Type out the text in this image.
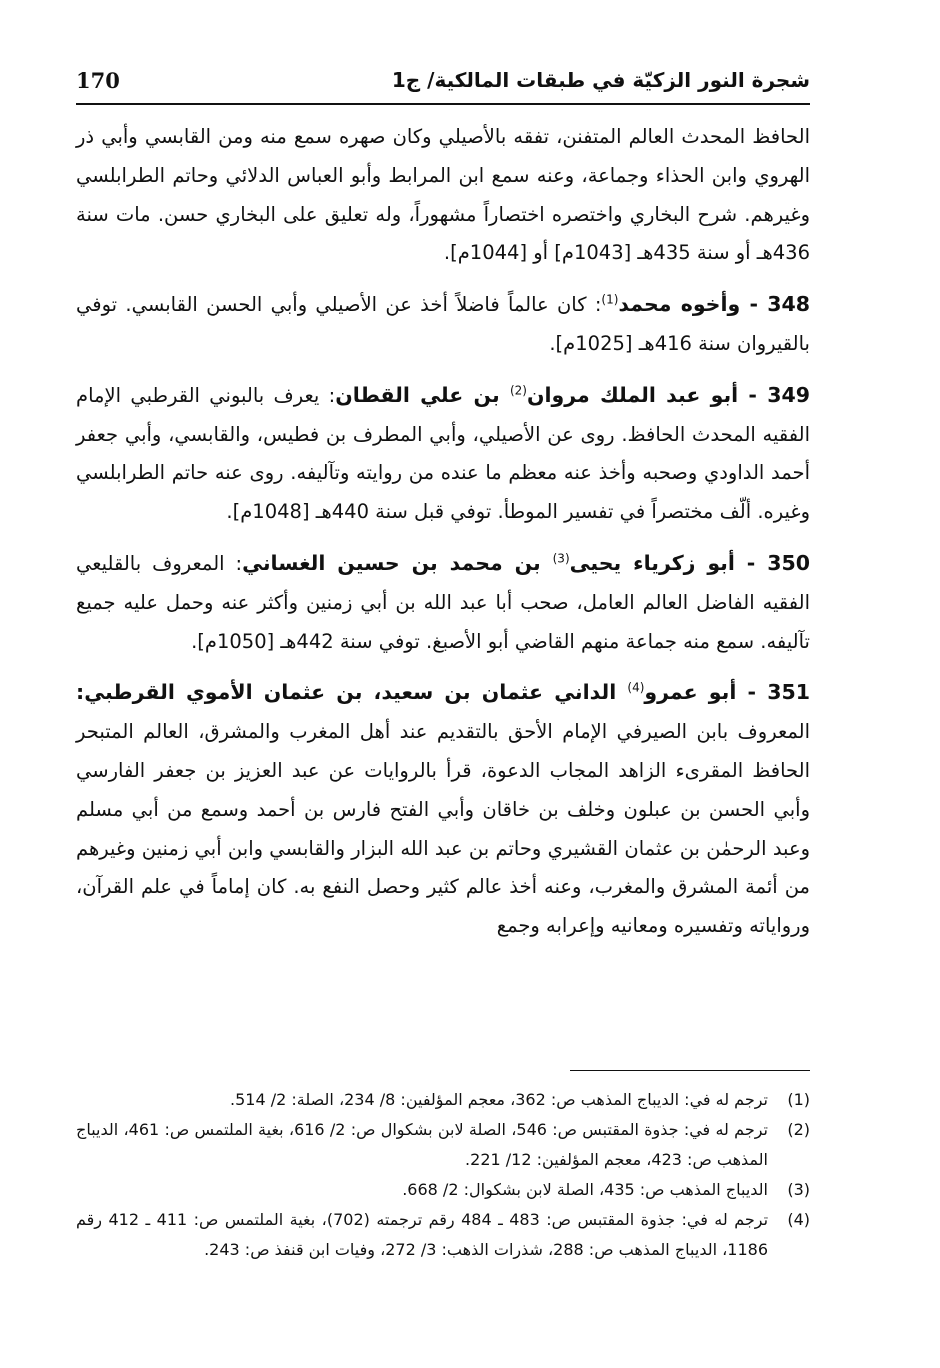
170	شجرة النور الزكيّة في طبقات المالكية/ ج1

الحافظ المحدث العالم المتفنن، تفقه بالأصيلي وكان صهره سمع منه ومن القابسي وأبي ذر الهروي وابن الحذاء وجماعة، وعنه سمع ابن المرابط وأبو العباس الدلائي وحاتم الطرابلسي وغيرهم. شرح البخاري واختصره اختصاراً مشهوراً، وله تعليق على البخاري حسن. مات سنة 436هـ أو سنة 435هـ [1043م] أو [1044م].

348 - وأخوه محمد$^{(1)}$: كان عالماً فاضلاً أخذ عن الأصيلي وأبي الحسن القابسي. توفي بالقيروان سنة 416هـ [1025م].

349 - أبو عبد الملك مروان$^{(2)}$ بن علي القطان: يعرف بالبوني القرطبي الإمام الفقيه المحدث الحافظ. روى عن الأصيلي، وأبي المطرف بن فطيس، والقابسي، وأبي جعفر أحمد الداودي وصحبه وأخذ عنه معظم ما عنده من روايته وتآليفه. روى عنه حاتم الطرابلسي وغيره. ألّف مختصراً في تفسير الموطأ. توفي قبل سنة 440هـ [1048م].

350 - أبو زكرياء يحيى$^{(3)}$ بن محمد بن حسين الغساني: المعروف بالقليعي الفقيه الفاضل العالم العامل، صحب أبا عبد الله بن أبي زمنين وأكثر عنه وحمل عليه جميع تآليفه. سمع منه جماعة منهم القاضي أبو الأصبغ. توفي سنة 442هـ [1050م].

351 - أبو عمرو$^{(4)}$ الداني عثمان بن سعيد، بن عثمان الأموي القرطبي: المعروف بابن الصيرفي الإمام الأحق بالتقديم عند أهل المغرب والمشرق، العالم المتبحر الحافظ المقرىء الزاهد المجاب الدعوة، قرأ بالروايات عن عبد العزيز بن جعفر الفارسي وأبي الحسن بن عبلون وخلف بن خاقان وأبي الفتح فارس بن أحمد وسمع من أبي مسلم وعبد الرحمٰن بن عثمان القشيري وحاتم بن عبد الله البزار والقابسي وابن أبي زمنين وغيرهم من أئمة المشرق والمغرب، وعنه أخذ عالم كثير وحصل النفع به. كان إماماً في علم القرآن، ورواياته وتفسيره ومعانيه وإعرابه وجمع

(1)
ترجم له في: الديباج المذهب ص: 362، معجم المؤلفين: 8/ 234، الصلة: 2/ 514.
(2)
ترجم له في: جذوة المقتبس ص: 546، الصلة لابن بشكوال ص: 2/ 616، بغية الملتمس ص: 461، الديباج المذهب ص: 423، معجم المؤلفين: 12/ 221.
(3)
الديباج المذهب ص: 435، الصلة لابن بشكوال: 2/ 668.
(4)
ترجم له في: جذوة المقتبس ص: 483 ـ 484 رقم ترجمته (702)، بغية الملتمس ص: 411 ـ 412 رقم 1186، الديباج المذهب ص: 288، شذرات الذهب: 3/ 272، وفيات ابن قنفذ ص: 243.
